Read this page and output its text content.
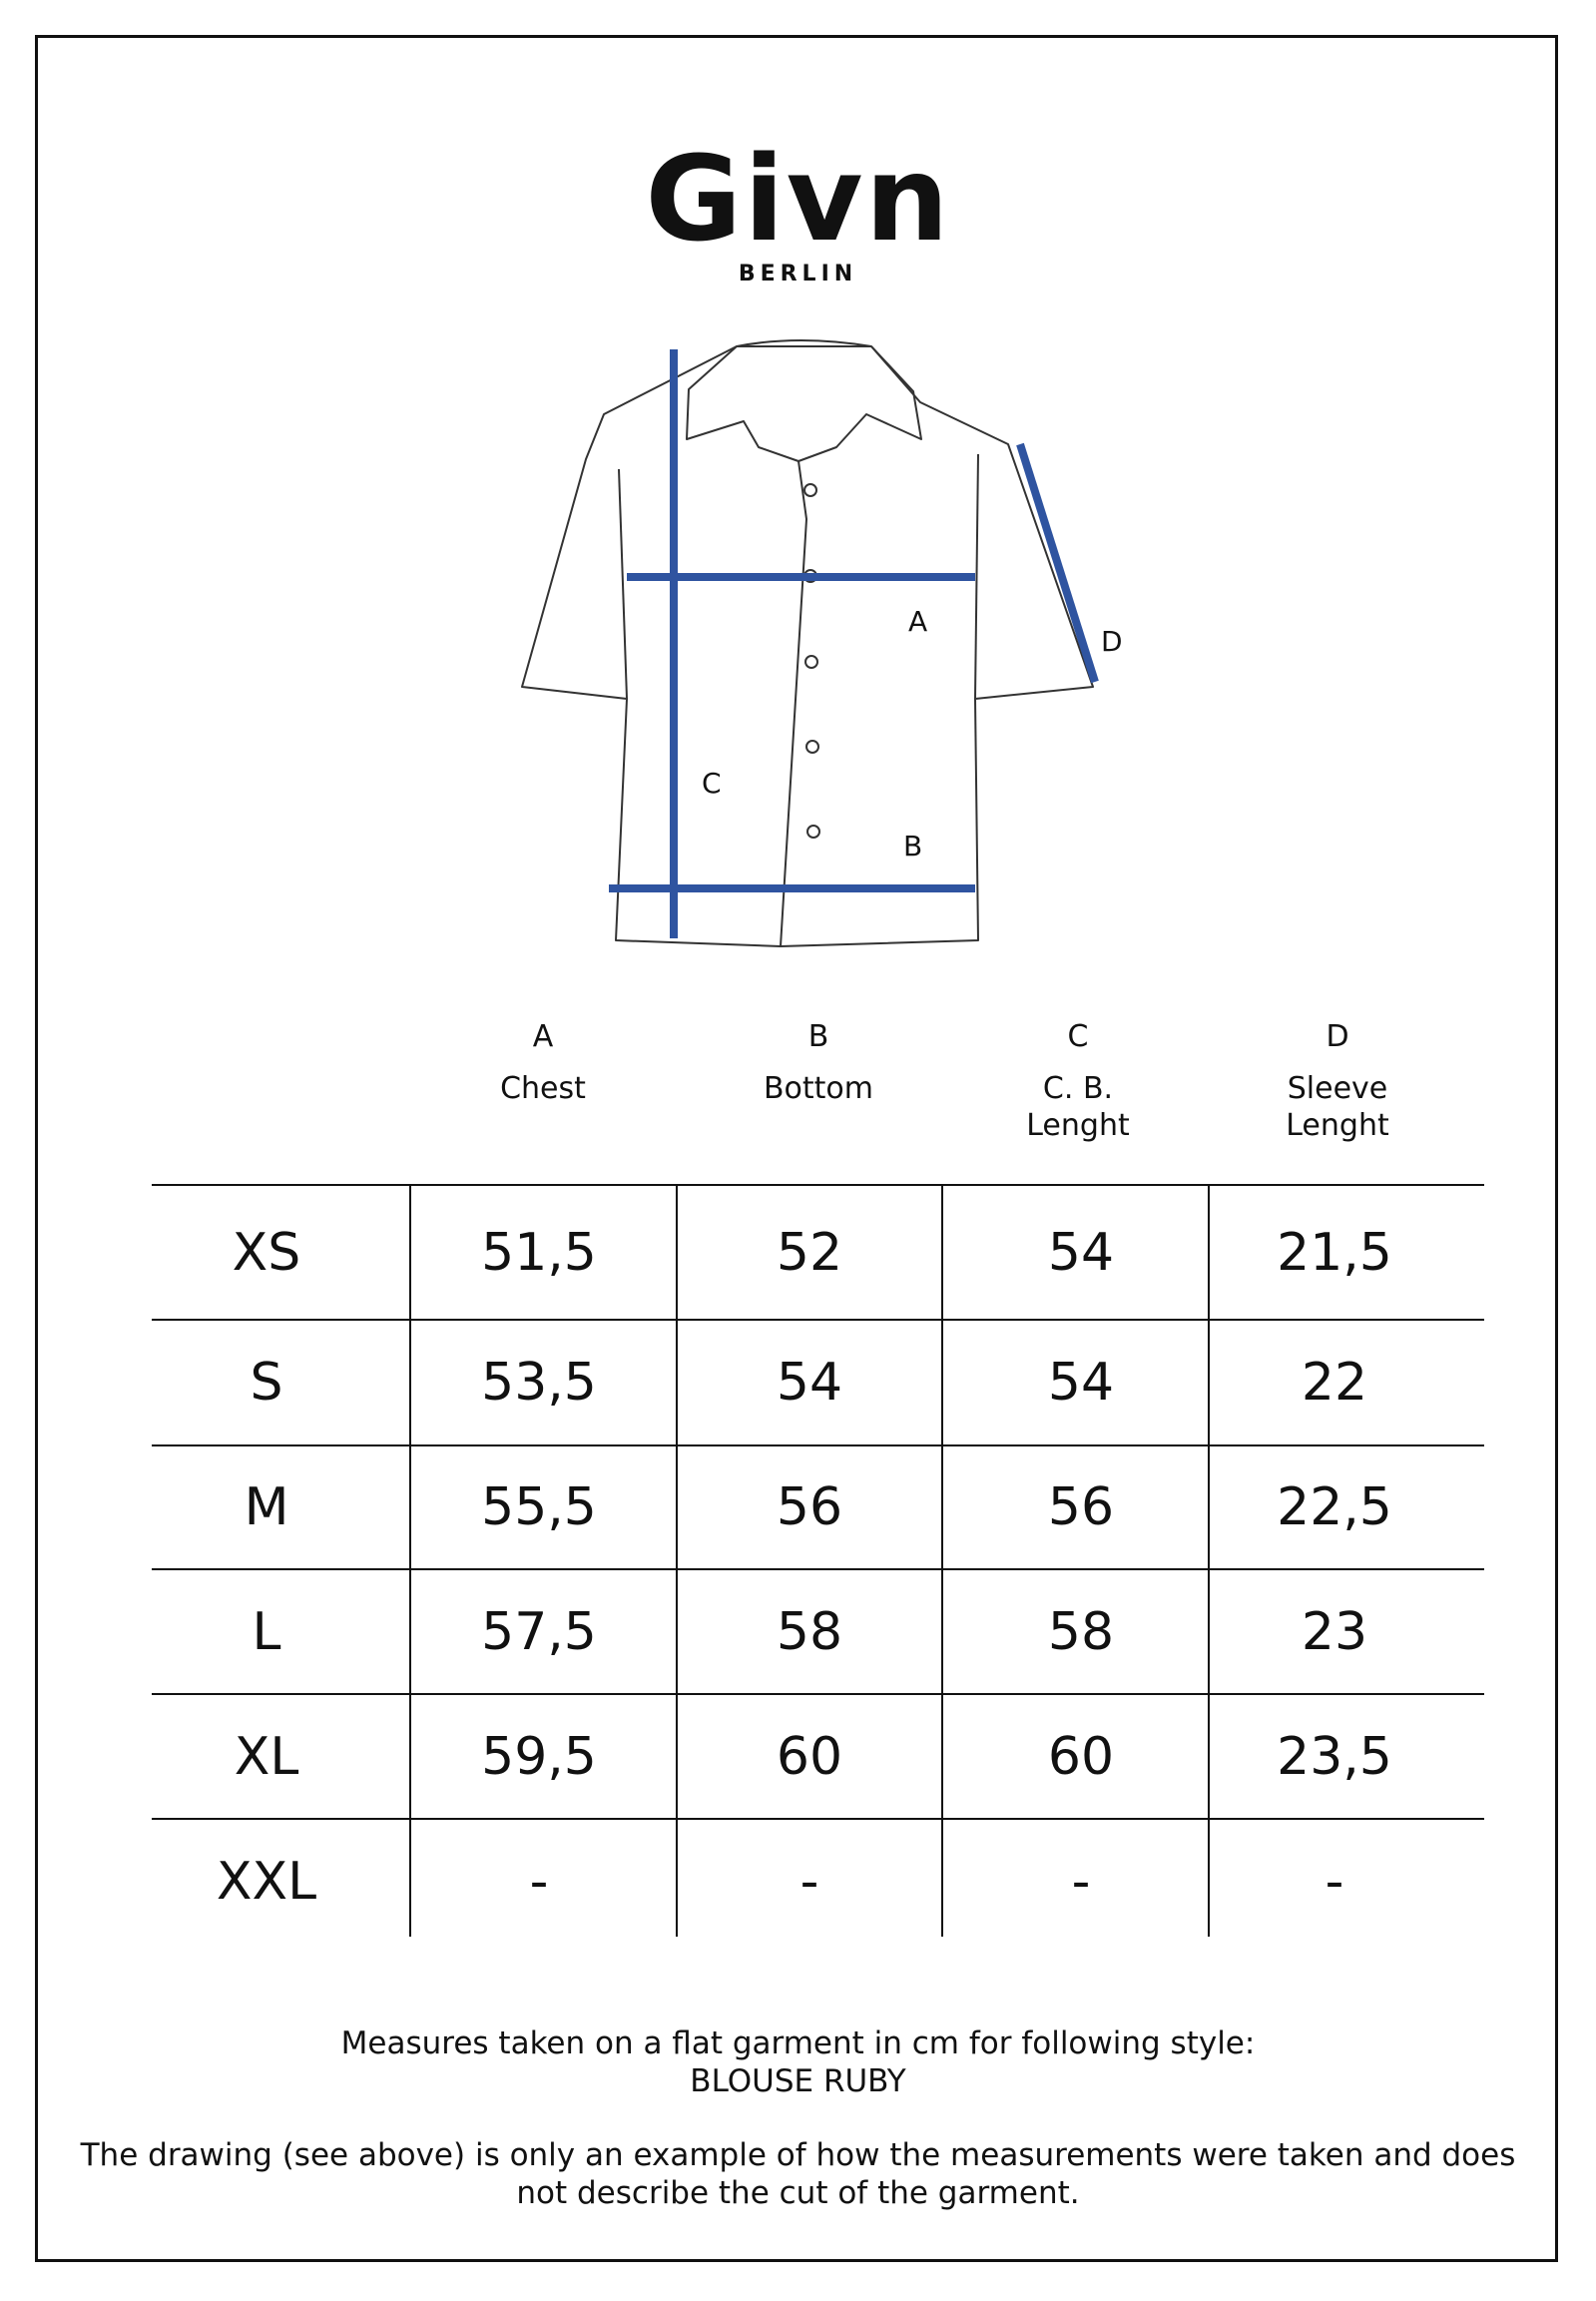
Givn
BERLIN
A
D
C
B
A
Chest
B
Bottom
C
C. B. Lenght
D
Sleeve Lenght
XS	51,5	52	54	21,5
S	53,5	54	54	22
M	55,5	56	56	22,5
L	57,5	58	58	23
XL	59,5	60	60	23,5
XXL	-	-	-	-
Measures taken on a flat garment in cm for following style:
BLOUSE RUBY
The drawing (see above) is only an example of how the measurements were taken and does
not describe the cut of the garment.
